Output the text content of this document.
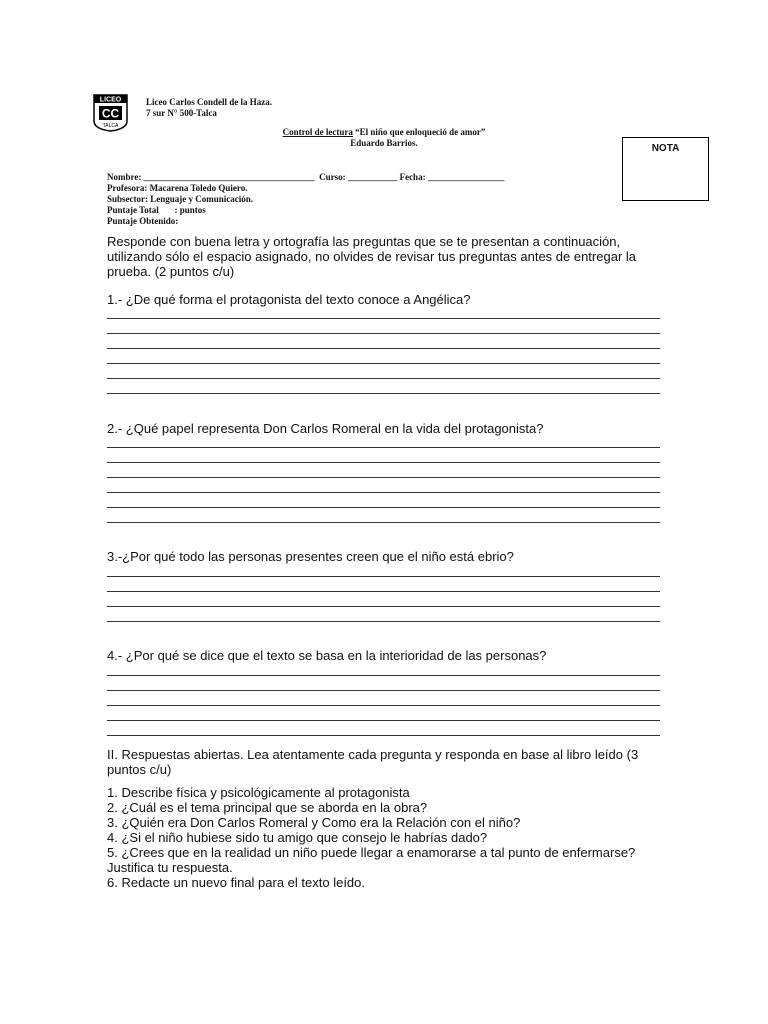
LICEO
CC
TALCA
Liceo Carlos Condell de la Haza.
7 sur N° 500-Talca
Control de lectura “El niño que enloqueció de amor”
Eduardo Barrios.	NOTA
Nombre: ______________________________________  Curso: ___________ Fecha: _________________
Profesora: Macarena Toledo Quiero.
Subsector: Lenguaje y Comunicación.
Puntaje Total       : puntos
Puntaje Obtenido:
Responde con buena letra y ortografía las preguntas que se te presentan a continuación, utilizando sólo el espacio asignado, no olvides de revisar tus preguntas antes de entregar la prueba. (2 puntos c/u)
1.- ¿De qué forma el protagonista del texto conoce a Angélica?
2.- ¿Qué papel representa Don Carlos Romeral en la vida del protagonista?
3.-¿Por qué todo las personas presentes creen que el niño está ebrio?
4.- ¿Por qué se dice que el texto se basa en la interioridad de las personas?
II. Respuestas abiertas. Lea atentamente cada pregunta y responda en base al libro leído (3 puntos c/u)
1. Describe física y psicológicamente al protagonista
2. ¿Cuál es el tema principal que se aborda en la obra?
3. ¿Quién era Don Carlos Romeral y Como era la Relación con el niño?
4. ¿Si el niño hubiese sido tu amigo que consejo le habrías dado?
5. ¿Crees que en la realidad un niño puede llegar a enamorarse a tal punto de enfermarse? Justifica tu respuesta.
6. Redacte un nuevo final para el texto leído.
